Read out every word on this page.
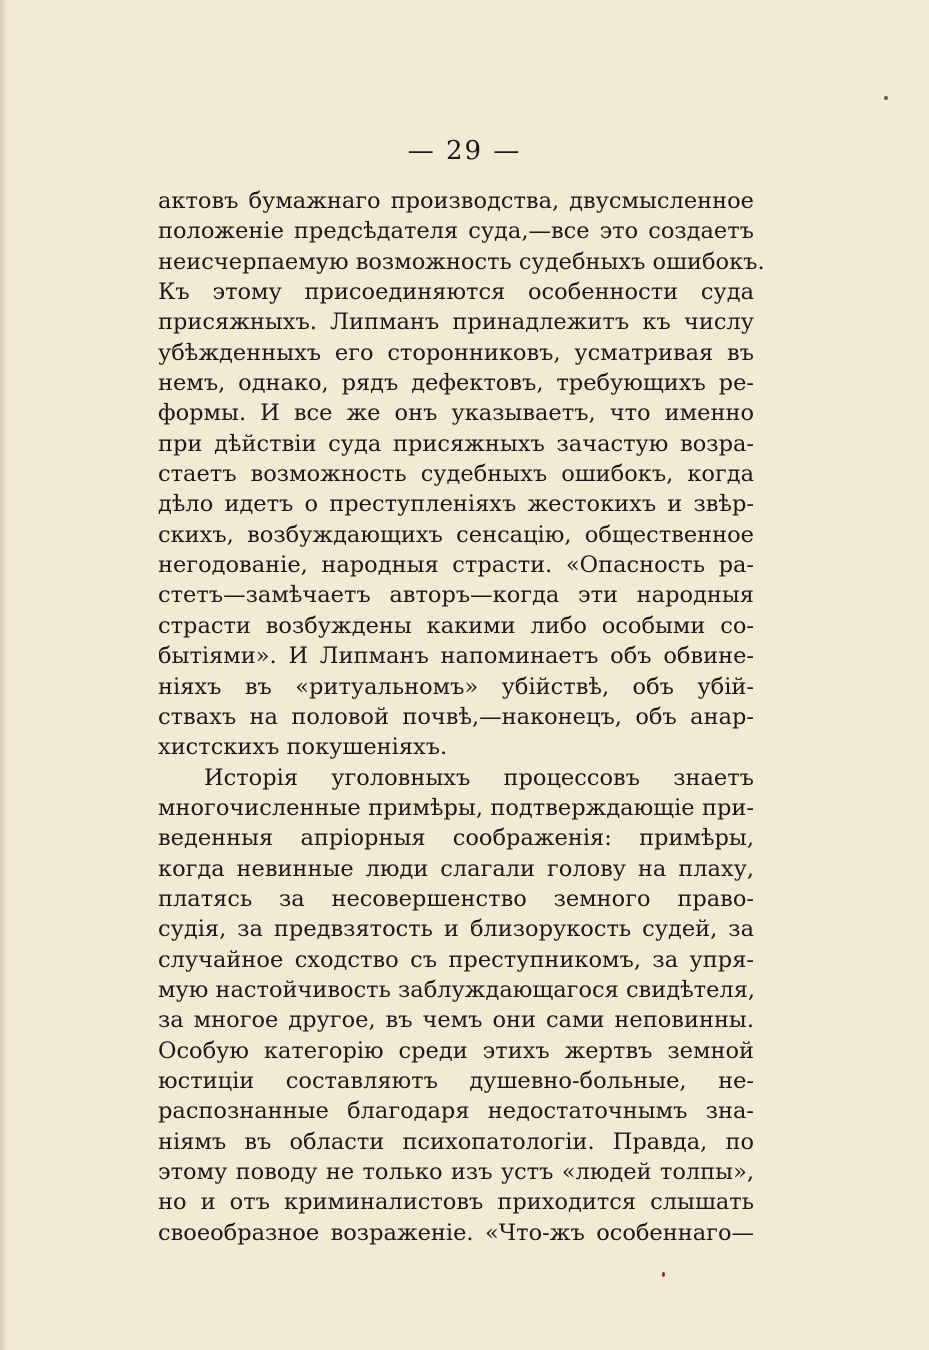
— 29 —
актовъ бумажнаго производства, двусмысленное
положеніе предсѣдателя суда,—все это создаетъ
неисчерпаемую возможность судебныхъ ошибокъ.
Къ этому присоединяются особенности суда
присяжныхъ. Липманъ принадлежитъ къ числу
убѣжденныхъ его сторонниковъ, усматривая въ
немъ, однако, рядъ дефектовъ, требующихъ ре-
формы. И все же онъ указываетъ, что именно
при дѣйствіи суда присяжныхъ зачастую возра-
стаетъ возможность судебныхъ ошибокъ, когда
дѣло идетъ о преступленіяхъ жестокихъ и звѣр-
скихъ, возбуждающихъ сенсацію, общественное
негодованіе, народныя страсти. «Опасность ра-
стетъ—замѣчаетъ авторъ—когда эти народныя
страсти возбуждены какими либо особыми со-
бытіями». И Липманъ напоминаетъ объ обвине-
ніяхъ въ «ритуальномъ» убійствѣ, объ убій-
ствахъ на половой почвѣ,—наконецъ, объ анар-
хистскихъ покушеніяхъ.
Исторія уголовныхъ процессовъ знаетъ
многочисленные примѣры, подтверждающіе при-
веденныя апріорныя соображенія: примѣры,
когда невинные люди слагали голову на плаху,
платясь за несовершенство земного право-
судія, за предвзятость и близорукость судей, за
случайное сходство съ преступникомъ, за упря-
мую настойчивость заблуждающагося свидѣтеля,
за многое другое, въ чемъ они сами неповинны.
Особую категорію среди этихъ жертвъ земной
юстиціи составляютъ душевно-больные, не-
распознанные благодаря недостаточнымъ зна-
ніямъ въ области психопатологіи. Правда, по
этому поводу не только изъ устъ «людей толпы»,
но и отъ криминалистовъ приходится слышать
своеобразное возраженіе. «Что-жъ особеннаго—
